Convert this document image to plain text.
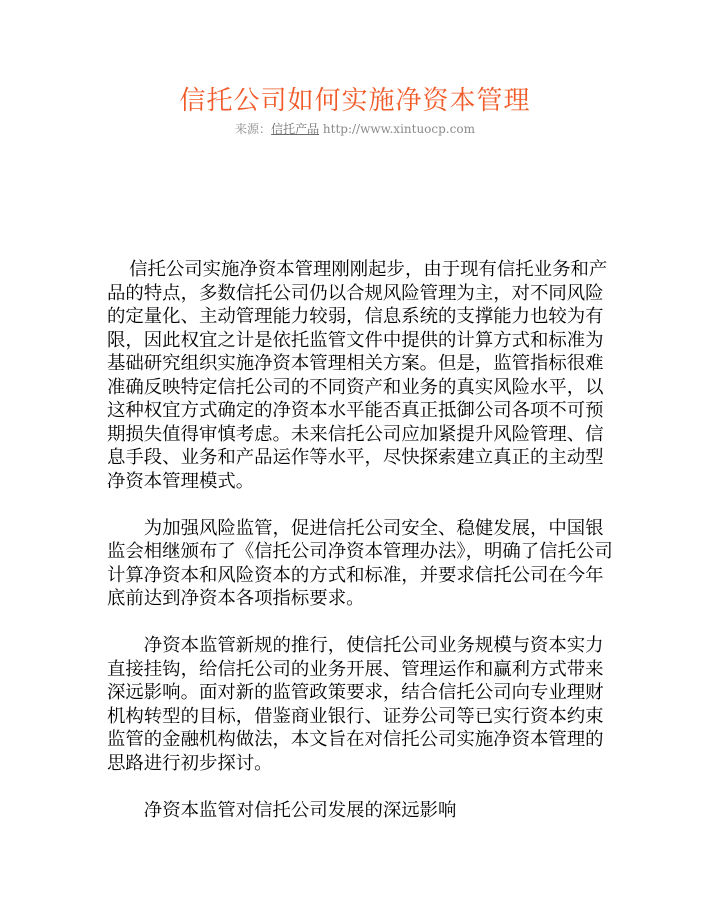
信托公司如何实施净资本管理
来源：信托产品 http://www.xintuocp.com

信托公司实施净资本管理刚刚起步，由于现有信托业务和产品的特点，多数信托公司仍以合规风险管理为主，对不同风险的定量化、主动管理能力较弱，信息系统的支撑能力也较为有限，因此权宜之计是依托监管文件中提供的计算方式和标准为基础研究组织实施净资本管理相关方案。但是，监管指标很难准确反映特定信托公司的不同资产和业务的真实风险水平，以这种权宜方式确定的净资本水平能否真正抵御公司各项不可预期损失值得审慎考虑。未来信托公司应加紧提升风险管理、信息手段、业务和产品运作等水平，尽快探索建立真正的主动型净资本管理模式。

为加强风险监管，促进信托公司安全、稳健发展，中国银监会相继颁布了《信托公司净资本管理办法》，明确了信托公司计算净资本和风险资本的方式和标准，并要求信托公司在今年底前达到净资本各项指标要求。

净资本监管新规的推行，使信托公司业务规模与资本实力直接挂钩，给信托公司的业务开展、管理运作和赢利方式带来深远影响。面对新的监管政策要求，结合信托公司向专业理财机构转型的目标，借鉴商业银行、证券公司等已实行资本约束监管的金融机构做法，本文旨在对信托公司实施净资本管理的思路进行初步探讨。

净资本监管对信托公司发展的深远影响
